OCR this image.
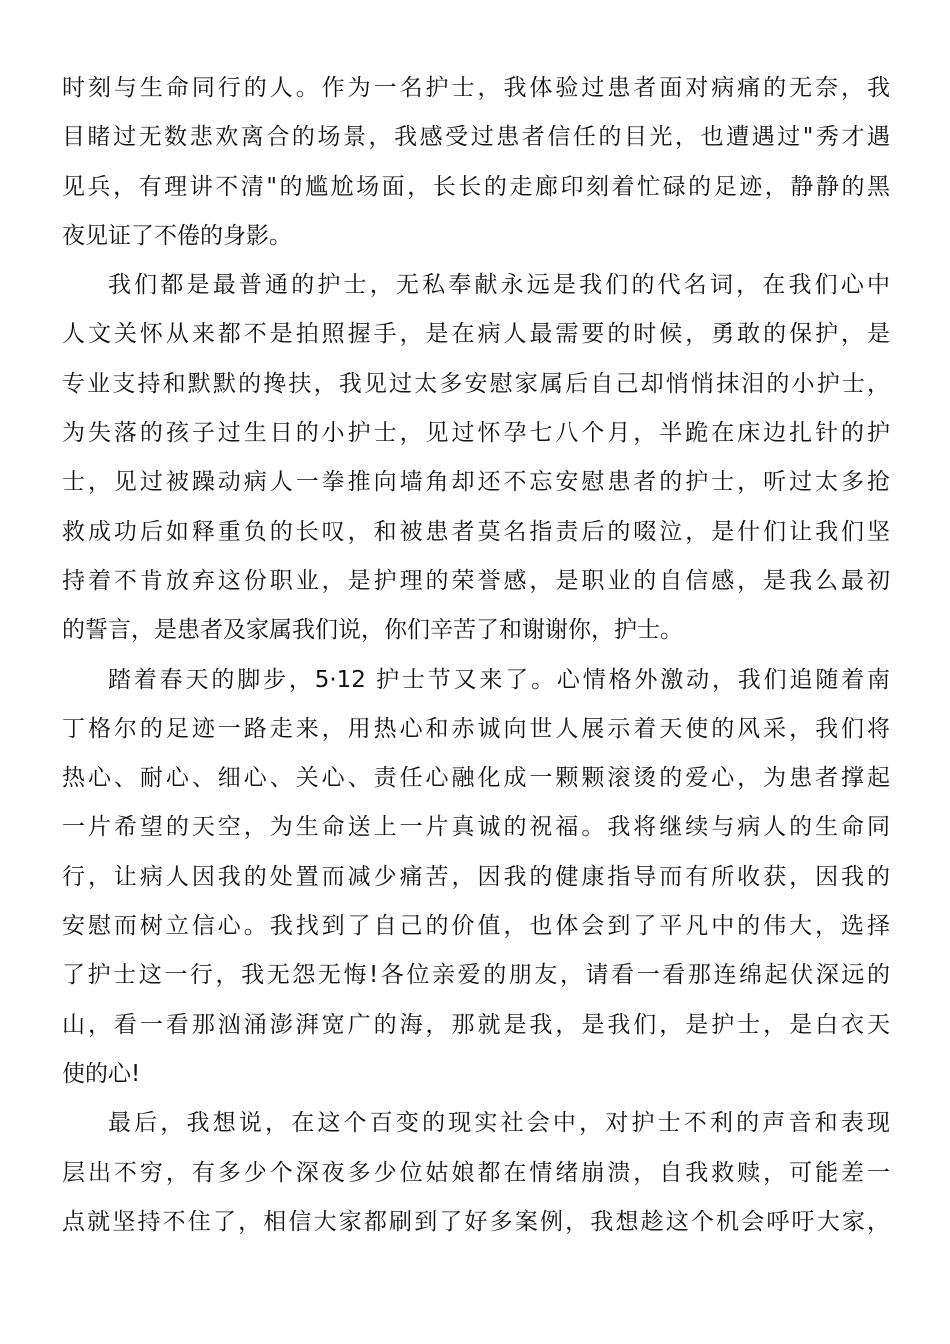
时刻与生命同行的人。作为一名护士，我体验过患者面对病痛的无奈，我
目睹过无数悲欢离合的场景，我感受过患者信任的目光，也遭遇过"秀才遇
见兵，有理讲不清"的尴尬场面，长长的走廊印刻着忙碌的足迹，静静的黑
夜见证了不倦的身影。
我们都是最普通的护士，无私奉献永远是我们的代名词，在我们心中
人文关怀从来都不是拍照握手，是在病人最需要的时候，勇敢的保护，是
专业支持和默默的搀扶，我见过太多安慰家属后自己却悄悄抹泪的小护士，
为失落的孩子过生日的小护士，见过怀孕七八个月，半跪在床边扎针的护
士，见过被躁动病人一拳推向墙角却还不忘安慰患者的护士，听过太多抢
救成功后如释重负的长叹，和被患者莫名指责后的啜泣，是什们让我们坚
持着不肯放弃这份职业，是护理的荣誉感，是职业的自信感，是我么最初
的誓言，是患者及家属我们说，你们辛苦了和谢谢你，护士。
踏着春天的脚步，5·12 护士节又来了。心情格外激动，我们追随着南
丁格尔的足迹一路走来，用热心和赤诚向世人展示着天使的风采，我们将
热心、耐心、细心、关心、责任心融化成一颗颗滚烫的爱心，为患者撑起
一片希望的天空，为生命送上一片真诚的祝福。我将继续与病人的生命同
行，让病人因我的处置而减少痛苦，因我的健康指导而有所收获，因我的
安慰而树立信心。我找到了自己的价值，也体会到了平凡中的伟大，选择
了护士这一行，我无怨无悔!各位亲爱的朋友，请看一看那连绵起伏深远的
山，看一看那汹涌澎湃宽广的海，那就是我，是我们，是护士，是白衣天
使的心!
最后，我想说，在这个百变的现实社会中，对护士不利的声音和表现
层出不穷，有多少个深夜多少位姑娘都在情绪崩溃，自我救赎，可能差一
点就坚持不住了，相信大家都刷到了好多案例，我想趁这个机会呼吁大家，
